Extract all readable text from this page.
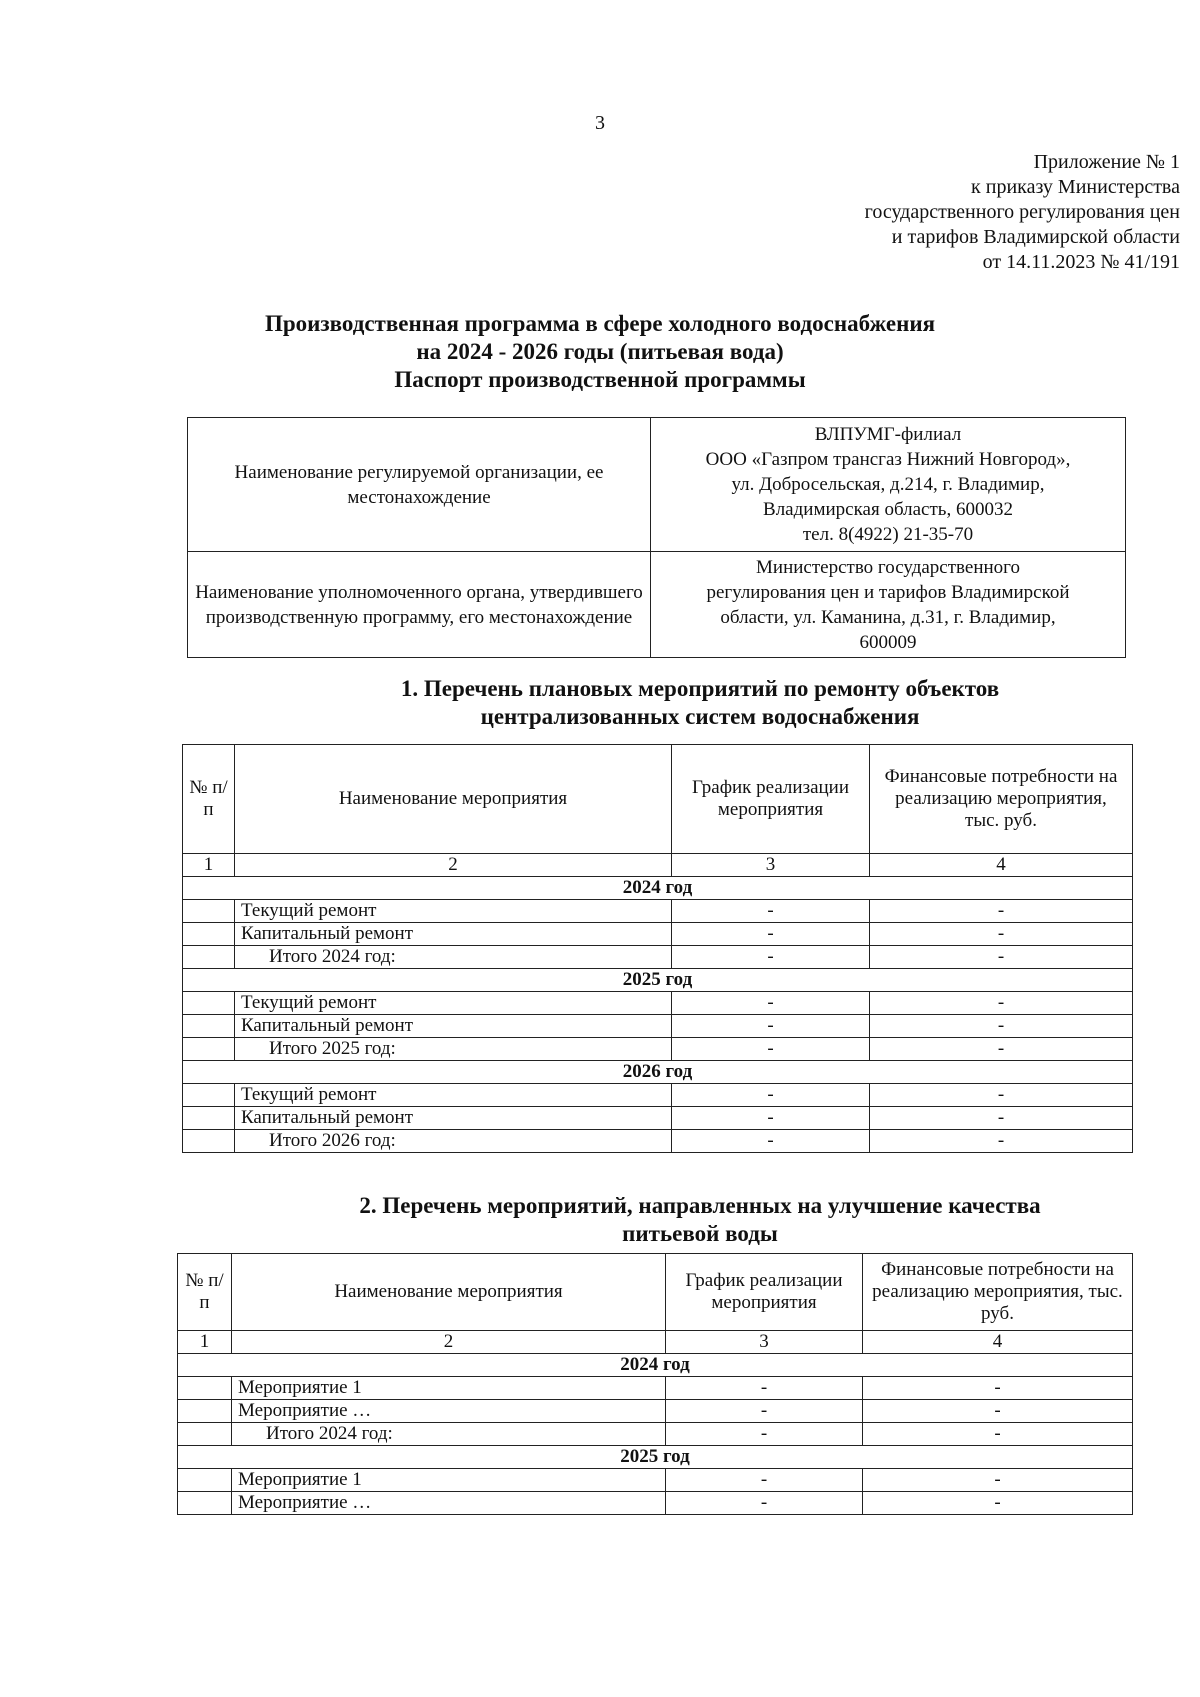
3
Приложение № 1
к приказу Министерства
государственного регулирования цен
и тарифов Владимирской области
от 14.11.2023 № 41/191
Производственная программа в сфере холодного водоснабжения
на 2024 - 2026 годы (питьевая вода)
Паспорт производственной программы
Наименование регулируемой организации, ее местонахождение	ВЛПУМГ-филиал
ООО «Газпром трансгаз Нижний Новгород»,
ул. Добросельская, д.214, г. Владимир,
Владимирская область, 600032
тел. 8(4922) 21-35-70

Наименование уполномоченного органа, утвердившего производственную программу, его местонахождение	Министерство государственного
регулирования цен и тарифов Владимирской
области, ул. Каманина, д.31, г. Владимир,
600009
1. Перечень плановых мероприятий по ремонту объектов
централизованных систем водоснабжения
№ п/п	Наименование мероприятия	График реализации мероприятия	Финансовые потребности на реализацию мероприятия, тыс. руб.
1	2	3	4
2024 год			
	Текущий ремонт	-	-
	Капитальный ремонт	-	-
	Итого 2024 год:	-	-
2025 год			
	Текущий ремонт	-	-
	Капитальный ремонт	-	-
	Итого 2025 год:	-	-
2026 год			
	Текущий ремонт	-	-
	Капитальный ремонт	-	-
	Итого 2026 год:	-	-
2. Перечень мероприятий, направленных на улучшение качества
питьевой воды
№ п/п	Наименование мероприятия	График реализации мероприятия	Финансовые потребности на реализацию мероприятия, тыс. руб.
1	2	3	4
2024 год			
	Мероприятие 1	-	-
	Мероприятие …	-	-
	Итого 2024 год:	-	-
2025 год			
	Мероприятие 1	-	-
	Мероприятие …	-	-
